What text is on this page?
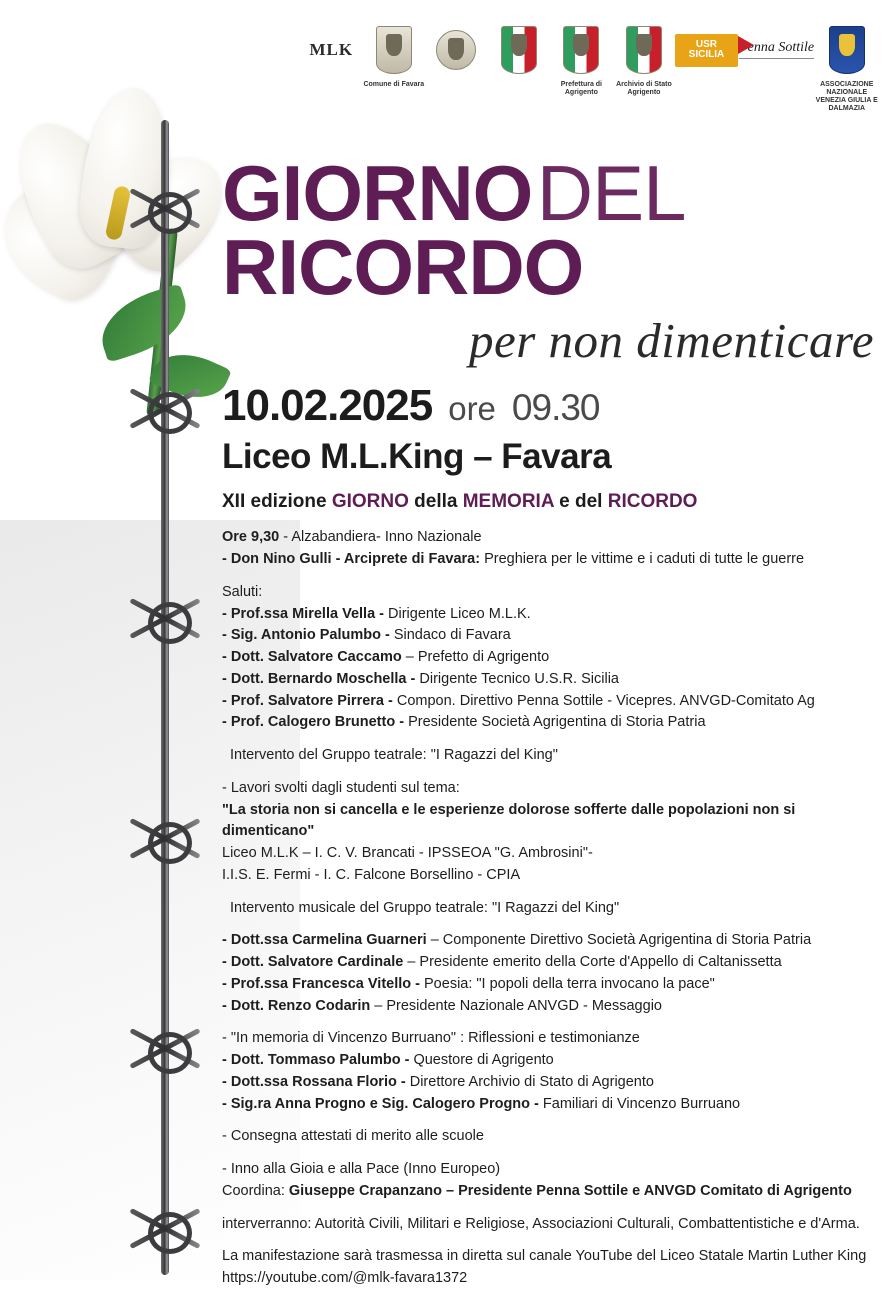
MLK
Comune di Favara	Prefettura di Agrigento
Archivio di Stato Agrigento
USR SICILIA	Penna Sottile
ASSOCIAZIONE NAZIONALE VENEZIA GIULIA E DALMAZIA
GIORNO DEL
RICORDO
per non dimenticare
10.02.2025 ore 09.30
Liceo M.L.King – Favara
XII edizione GIORNO della MEMORIA e del RICORDO

Ore 9,30 - Alzabandiera- Inno Nazionale

- Don Nino Gulli - Arciprete di Favara: Preghiera per le vittime e i caduti di tutte le guerre

Saluti:

- Prof.ssa Mirella Vella - Dirigente Liceo M.L.K.

- Sig. Antonio Palumbo - Sindaco di Favara

- Dott. Salvatore Caccamo – Prefetto di Agrigento

- Dott. Bernardo Moschella - Dirigente Tecnico U.S.R. Sicilia

- Prof. Salvatore Pirrera - Compon. Direttivo Penna Sottile - Vicepres. ANVGD-Comitato Ag

- Prof. Calogero Brunetto - Presidente Società Agrigentina di Storia Patria

Intervento del Gruppo teatrale: "I Ragazzi del King"

- Lavori svolti dagli studenti sul tema:

"La storia non si cancella e le esperienze dolorose sofferte dalle popolazioni non si dimenticano"

Liceo M.L.K – I. C. V. Brancati - IPSSEOA "G. Ambrosini"-

I.I.S. E. Fermi - I. C. Falcone Borsellino - CPIA

Intervento musicale del Gruppo teatrale: "I Ragazzi del King"

- Dott.ssa Carmelina Guarneri – Componente Direttivo Società Agrigentina di Storia Patria

- Dott. Salvatore Cardinale – Presidente emerito della Corte d'Appello di Caltanissetta

- Prof.ssa Francesca Vitello - Poesia: "I popoli della terra invocano la pace"

- Dott. Renzo Codarin – Presidente Nazionale ANVGD - Messaggio

- "In memoria di Vincenzo Burruano" : Riflessioni e testimonianze

- Dott. Tommaso Palumbo - Questore di Agrigento

- Dott.ssa Rossana Florio - Direttore Archivio di Stato di Agrigento

- Sig.ra Anna Progno e Sig. Calogero Progno - Familiari di Vincenzo Burruano

- Consegna attestati di merito alle scuole

- Inno alla Gioia e alla Pace (Inno Europeo)

Coordina: Giuseppe Crapanzano – Presidente Penna Sottile e ANVGD Comitato di Agrigento

interverranno: Autorità Civili, Militari e Religiose, Associazioni Culturali, Combattentistiche e d'Arma.

La manifestazione sarà trasmessa in diretta sul canale YouTube del Liceo Statale Martin Luther King

https://youtube.com/@mlk-favara1372
